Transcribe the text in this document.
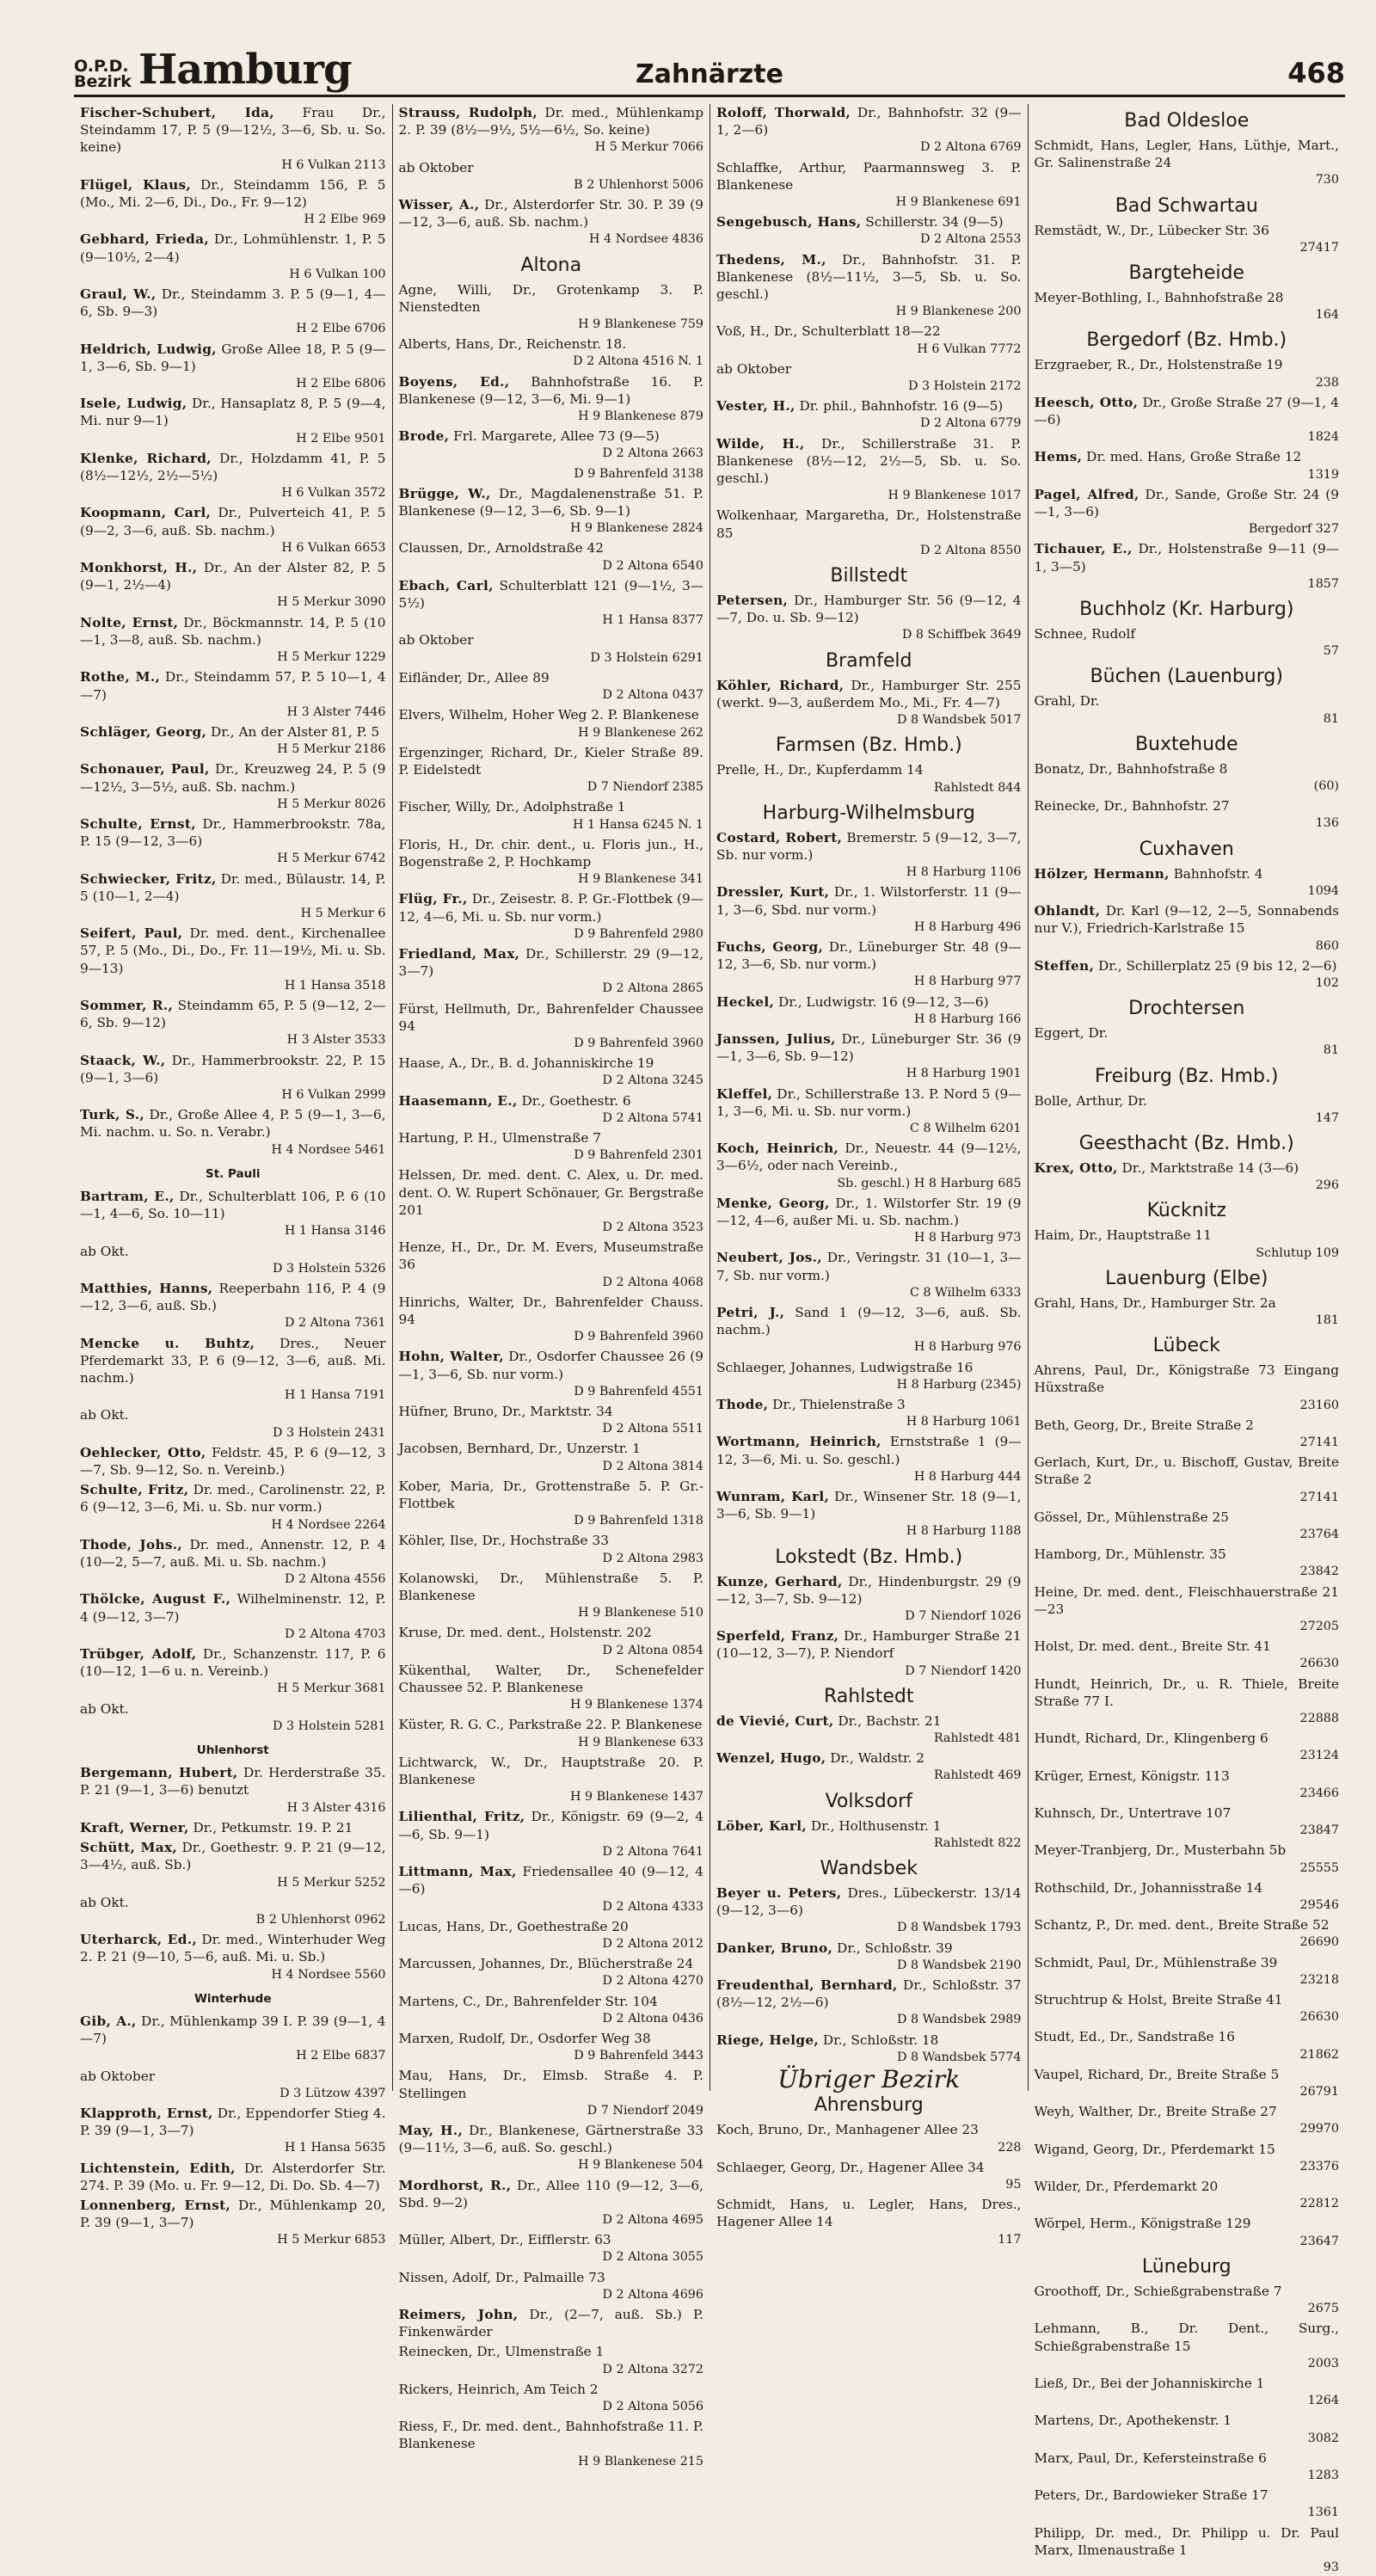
O.P.D.
Bezirk Hamburg	Zahnärzte	468
Fischer-Schubert, Ida, Frau Dr., Steindamm 17, P. 5 (9—12½, 3—6, Sb. u. So. keine)
H 6 Vulkan 2113
Flügel, Klaus, Dr., Steindamm 156, P. 5 (Mo., Mi. 2—6, Di., Do., Fr. 9—12)
H 2 Elbe 969
Gebhard, Frieda, Dr., Lohmühlenstr. 1, P. 5 (9—10½, 2—4)
H 6 Vulkan 100
Graul, W., Dr., Steindamm 3. P. 5 (9—1, 4—6, Sb. 9—3)
H 2 Elbe 6706
Heldrich, Ludwig, Große Allee 18, P. 5 (9—1, 3—6, Sb. 9—1)
H 2 Elbe 6806
Isele, Ludwig, Dr., Hansaplatz 8, P. 5 (9—4, Mi. nur 9—1)
H 2 Elbe 9501
Klenke, Richard, Dr., Holzdamm 41, P. 5 (8½—12½, 2½—5½)
H 6 Vulkan 3572
Koopmann, Carl, Dr., Pulverteich 41, P. 5 (9—2, 3—6, auß. Sb. nachm.)
H 6 Vulkan 6653
Monkhorst, H., Dr., An der Alster 82, P. 5 (9—1, 2½—4)
H 5 Merkur 3090
Nolte, Ernst, Dr., Böckmannstr. 14, P. 5 (10—1, 3—8, auß. Sb. nachm.)
H 5 Merkur 1229
Rothe, M., Dr., Steindamm 57, P. 5 10—1, 4—7)
H 3 Alster 7446
Schläger, Georg, Dr., An der Alster 81, P. 5
H 5 Merkur 2186
Schonauer, Paul, Dr., Kreuzweg 24, P. 5 (9—12½, 3—5½, auß. Sb. nachm.)
H 5 Merkur 8026
Schulte, Ernst, Dr., Hammerbrookstr. 78a, P. 15 (9—12, 3—6)
H 5 Merkur 6742
Schwiecker, Fritz, Dr. med., Bülaustr. 14, P. 5 (10—1, 2—4)
H 5 Merkur 6
Seifert, Paul, Dr. med. dent., Kirchenallee 57, P. 5 (Mo., Di., Do., Fr. 11—19½, Mi. u. Sb. 9—13)
H 1 Hansa 3518
Sommer, R., Steindamm 65, P. 5 (9—12, 2—6, Sb. 9—12)
H 3 Alster 3533
Staack, W., Dr., Hammerbrookstr. 22, P. 15 (9—1, 3—6)
H 6 Vulkan 2999
Turk, S., Dr., Große Allee 4, P. 5 (9—1, 3—6, Mi. nachm. u. So. n. Verabr.)
H 4 Nordsee 5461
St. Pauli
Bartram, E., Dr., Schulterblatt 106, P. 6 (10—1, 4—6, So. 10—11)
H 1 Hansa 3146
ab Okt.
D 3 Holstein 5326
Matthies, Hanns, Reeperbahn 116, P. 4 (9—12, 3—6, auß. Sb.)
D 2 Altona 7361
Mencke u. Buhtz, Dres., Neuer Pferdemarkt 33, P. 6 (9—12, 3—6, auß. Mi. nachm.)
H 1 Hansa 7191
ab Okt.
D 3 Holstein 2431
Oehlecker, Otto, Feldstr. 45, P. 6 (9—12, 3—7, Sb. 9—12, So. n. Vereinb.)
Schulte, Fritz, Dr. med., Carolinenstr. 22, P. 6 (9—12, 3—6, Mi. u. Sb. nur vorm.)
H 4 Nordsee 2264
Thode, Johs., Dr. med., Annenstr. 12, P. 4 (10—2, 5—7, auß. Mi. u. Sb. nachm.)
D 2 Altona 4556
Thölcke, August F., Wilhelminenstr. 12, P. 4 (9—12, 3—7)
D 2 Altona 4703
Trübger, Adolf, Dr., Schanzenstr. 117, P. 6 (10—12, 1—6 u. n. Vereinb.)
H 5 Merkur 3681
ab Okt.
D 3 Holstein 5281
Uhlenhorst
Bergemann, Hubert, Dr. Herderstraße 35. P. 21 (9—1, 3—6) benutzt
H 3 Alster 4316
Kraft, Werner, Dr., Petkumstr. 19. P. 21
Schütt, Max, Dr., Goethestr. 9. P. 21 (9—12, 3—4½, auß. Sb.)
H 5 Merkur 5252
ab Okt.
B 2 Uhlenhorst 0962
Uterharck, Ed., Dr. med., Winterhuder Weg 2. P. 21 (9—10, 5—6, auß. Mi. u. Sb.)
H 4 Nordsee 5560
Winterhude
Gib, A., Dr., Mühlenkamp 39 I. P. 39 (9—1, 4—7)
H 2 Elbe 6837
ab Oktober
D 3 Lützow 4397
Klapproth, Ernst, Dr., Eppendorfer Stieg 4. P. 39 (9—1, 3—7)
H 1 Hansa 5635
Lichtenstein, Edith, Dr. Alsterdorfer Str. 274. P. 39 (Mo. u. Fr. 9—12, Di. Do. Sb. 4—7)
Lonnenberg, Ernst, Dr., Mühlenkamp 20, P. 39 (9—1, 3—7)
H 5 Merkur 6853
Strauss, Rudolph, Dr. med., Mühlenkamp 2. P. 39 (8½—9½, 5½—6½, So. keine)
H 5 Merkur 7066
ab Oktober
B 2 Uhlenhorst 5006
Wisser, A., Dr., Alsterdorfer Str. 30. P. 39 (9—12, 3—6, auß. Sb. nachm.)
H 4 Nordsee 4836
Altona
Agne, Willi, Dr., Grotenkamp 3. P. Nienstedten
H 9 Blankenese 759
Alberts, Hans, Dr., Reichenstr. 18.
D 2 Altona 4516 N. 1
Boyens, Ed., Bahnhofstraße 16. P. Blankenese (9—12, 3—6, Mi. 9—1)
H 9 Blankenese 879
Brode, Frl. Margarete, Allee 73 (9—5)
D 2 Altona 2663
D 9 Bahrenfeld 3138
Brügge, W., Dr., Magdalenenstraße 51. P. Blankenese (9—12, 3—6, Sb. 9—1)
H 9 Blankenese 2824
Claussen, Dr., Arnoldstraße 42
D 2 Altona 6540
Ebach, Carl, Schulterblatt 121 (9—1½, 3—5½)
H 1 Hansa 8377
ab Oktober
D 3 Holstein 6291
Eifländer, Dr., Allee 89
D 2 Altona 0437
Elvers, Wilhelm, Hoher Weg 2. P. Blankenese
H 9 Blankenese 262
Ergenzinger, Richard, Dr., Kieler Straße 89. P. Eidelstedt
D 7 Niendorf 2385
Fischer, Willy, Dr., Adolphstraße 1
H 1 Hansa 6245 N. 1
Floris, H., Dr. chir. dent., u. Floris jun., H., Bogenstraße 2, P. Hochkamp
H 9 Blankenese 341
Flüg, Fr., Dr., Zeisestr. 8. P. Gr.-Flottbek (9—12, 4—6, Mi. u. Sb. nur vorm.)
D 9 Bahrenfeld 2980
Friedland, Max, Dr., Schillerstr. 29 (9—12, 3—7)
D 2 Altona 2865
Fürst, Hellmuth, Dr., Bahrenfelder Chaussee 94
D 9 Bahrenfeld 3960
Haase, A., Dr., B. d. Johanniskirche 19
D 2 Altona 3245
Haasemann, E., Dr., Goethestr. 6
D 2 Altona 5741
Hartung, P. H., Ulmenstraße 7
D 9 Bahrenfeld 2301
Helssen, Dr. med. dent. C. Alex, u. Dr. med. dent. O. W. Rupert Schönauer, Gr. Bergstraße 201
D 2 Altona 3523
Henze, H., Dr., Dr. M. Evers, Museumstraße 36
D 2 Altona 4068
Hinrichs, Walter, Dr., Bahrenfelder Chauss. 94
D 9 Bahrenfeld 3960
Hohn, Walter, Dr., Osdorfer Chaussee 26 (9—1, 3—6, Sb. nur vorm.)
D 9 Bahrenfeld 4551
Hüfner, Bruno, Dr., Marktstr. 34
D 2 Altona 5511
Jacobsen, Bernhard, Dr., Unzerstr. 1
D 2 Altona 3814
Kober, Maria, Dr., Grottenstraße 5. P. Gr.-Flottbek
D 9 Bahrenfeld 1318
Köhler, Ilse, Dr., Hochstraße 33
D 2 Altona 2983
Kolanowski, Dr., Mühlenstraße 5. P. Blankenese
H 9 Blankenese 510
Kruse, Dr. med. dent., Holstenstr. 202
D 2 Altona 0854
Kükenthal, Walter, Dr., Schenefelder Chaussee 52. P. Blankenese
H 9 Blankenese 1374
Küster, R. G. C., Parkstraße 22. P. Blankenese
H 9 Blankenese 633
Lichtwarck, W., Dr., Hauptstraße 20. P. Blankenese
H 9 Blankenese 1437
Lilienthal, Fritz, Dr., Königstr. 69 (9—2, 4—6, Sb. 9—1)
D 2 Altona 7641
Littmann, Max, Friedensallee 40 (9—12, 4—6)
D 2 Altona 4333
Lucas, Hans, Dr., Goethestraße 20
D 2 Altona 2012
Marcussen, Johannes, Dr., Blücherstraße 24
D 2 Altona 4270
Martens, C., Dr., Bahrenfelder Str. 104
D 2 Altona 0436
Marxen, Rudolf, Dr., Osdorfer Weg 38
D 9 Bahrenfeld 3443
Mau, Hans, Dr., Elmsb. Straße 4. P. Stellingen
D 7 Niendorf 2049
May, H., Dr., Blankenese, Gärtnerstraße 33 (9—11½, 3—6, auß. So. geschl.)
H 9 Blankenese 504
Mordhorst, R., Dr., Allee 110 (9—12, 3—6, Sbd. 9—2)
D 2 Altona 4695
Müller, Albert, Dr., Eifflerstr. 63
D 2 Altona 3055
Nissen, Adolf, Dr., Palmaille 73
D 2 Altona 4696
Reimers, John, Dr., (2—7, auß. Sb.) P. Finkenwärder
Reinecken, Dr., Ulmenstraße 1
D 2 Altona 3272
Rickers, Heinrich, Am Teich 2
D 2 Altona 5056
Riess, F., Dr. med. dent., Bahnhofstraße 11. P. Blankenese
H 9 Blankenese 215
Roloff, Thorwald, Dr., Bahnhofstr. 32 (9—1, 2—6)
D 2 Altona 6769
Schlaffke, Arthur, Paarmannsweg 3. P. Blankenese
H 9 Blankenese 691
Sengebusch, Hans, Schillerstr. 34 (9—5)
D 2 Altona 2553
Thedens, M., Dr., Bahnhofstr. 31. P. Blankenese (8½—11½, 3—5, Sb. u. So. geschl.)
H 9 Blankenese 200
Voß, H., Dr., Schulterblatt 18—22
H 6 Vulkan 7772
ab Oktober
D 3 Holstein 2172
Vester, H., Dr. phil., Bahnhofstr. 16 (9—5)
D 2 Altona 6779
Wilde, H., Dr., Schillerstraße 31. P. Blankenese (8½—12, 2½—5, Sb. u. So. geschl.)
H 9 Blankenese 1017
Wolkenhaar, Margaretha, Dr., Holstenstraße 85
D 2 Altona 8550
Billstedt
Petersen, Dr., Hamburger Str. 56 (9—12, 4—7, Do. u. Sb. 9—12)
D 8 Schiffbek 3649
Bramfeld
Köhler, Richard, Dr., Hamburger Str. 255 (werkt. 9—3, außerdem Mo., Mi., Fr. 4—7)
D 8 Wandsbek 5017
Farmsen (Bz. Hmb.)
Prelle, H., Dr., Kupferdamm 14
Rahlstedt 844
Harburg-Wilhelmsburg
Costard, Robert, Bremerstr. 5 (9—12, 3—7, Sb. nur vorm.)
H 8 Harburg 1106
Dressler, Kurt, Dr., 1. Wilstorferstr. 11 (9—1, 3—6, Sbd. nur vorm.)
H 8 Harburg 496
Fuchs, Georg, Dr., Lüneburger Str. 48 (9—12, 3—6, Sb. nur vorm.)
H 8 Harburg 977
Heckel, Dr., Ludwigstr. 16 (9—12, 3—6)
H 8 Harburg 166
Janssen, Julius, Dr., Lüneburger Str. 36 (9—1, 3—6, Sb. 9—12)
H 8 Harburg 1901
Kleffel, Dr., Schillerstraße 13. P. Nord 5 (9—1, 3—6, Mi. u. Sb. nur vorm.)
C 8 Wilhelm 6201
Koch, Heinrich, Dr., Neuestr. 44 (9—12½, 3—6½, oder nach Vereinb.,
Sb. geschl.) H 8 Harburg 685
Menke, Georg, Dr., 1. Wilstorfer Str. 19 (9—12, 4—6, außer Mi. u. Sb. nachm.)
H 8 Harburg 973
Neubert, Jos., Dr., Veringstr. 31 (10—1, 3—7, Sb. nur vorm.)
C 8 Wilhelm 6333
Petri, J., Sand 1 (9—12, 3—6, auß. Sb. nachm.)
H 8 Harburg 976
Schlaeger, Johannes, Ludwigstraße 16
H 8 Harburg (2345)
Thode, Dr., Thielenstraße 3
H 8 Harburg 1061
Wortmann, Heinrich, Ernststraße 1 (9—12, 3—6, Mi. u. So. geschl.)
H 8 Harburg 444
Wunram, Karl, Dr., Winsener Str. 18 (9—1, 3—6, Sb. 9—1)
H 8 Harburg 1188
Lokstedt (Bz. Hmb.)
Kunze, Gerhard, Dr., Hindenburgstr. 29 (9—12, 3—7, Sb. 9—12)
D 7 Niendorf 1026
Sperfeld, Franz, Dr., Hamburger Straße 21 (10—12, 3—7), P. Niendorf
D 7 Niendorf 1420
Rahlstedt
de Vievié, Curt, Dr., Bachstr. 21
Rahlstedt 481
Wenzel, Hugo, Dr., Waldstr. 2
Rahlstedt 469
Volksdorf
Löber, Karl, Dr., Holthusenstr. 1
Rahlstedt 822
Wandsbek
Beyer u. Peters, Dres., Lübeckerstr. 13/14 (9—12, 3—6)
D 8 Wandsbek 1793
Danker, Bruno, Dr., Schloßstr. 39
D 8 Wandsbek 2190
Freudenthal, Bernhard, Dr., Schloßstr. 37 (8½—12, 2½—6)
D 8 Wandsbek 2989
Riege, Helge, Dr., Schloßstr. 18
D 8 Wandsbek 5774
Übriger Bezirk
Ahrensburg
Koch, Bruno, Dr., Manhagener Allee 23
228
Schlaeger, Georg, Dr., Hagener Allee 34
95
Schmidt, Hans, u. Legler, Hans, Dres., Hagener Allee 14
117
Bad Oldesloe
Schmidt, Hans, Legler, Hans, Lüthje, Mart., Gr. Salinenstraße 24
730
Bad Schwartau
Remstädt, W., Dr., Lübecker Str. 36
27417
Bargteheide
Meyer-Bothling, I., Bahnhofstraße 28
164
Bergedorf (Bz. Hmb.)
Erzgraeber, R., Dr., Holstenstraße 19
238
Heesch, Otto, Dr., Große Straße 27 (9—1, 4—6)
1824
Hems, Dr. med. Hans, Große Straße 12
1319
Pagel, Alfred, Dr., Sande, Große Str. 24 (9—1, 3—6)
Bergedorf 327
Tichauer, E., Dr., Holstenstraße 9—11 (9—1, 3—5)
1857
Buchholz (Kr. Harburg)
Schnee, Rudolf
57
Büchen (Lauenburg)
Grahl, Dr.
81
Buxtehude
Bonatz, Dr., Bahnhofstraße 8
(60)
Reinecke, Dr., Bahnhofstr. 27
136
Cuxhaven
Hölzer, Hermann, Bahnhofstr. 4
1094
Ohlandt, Dr. Karl (9—12, 2—5, Sonnabends nur V.), Friedrich-Karlstraße 15
860
Steffen, Dr., Schillerplatz 25 (9 bis 12, 2—6)
102
Drochtersen
Eggert, Dr.
81
Freiburg (Bz. Hmb.)
Bolle, Arthur, Dr.
147
Geesthacht (Bz. Hmb.)
Krex, Otto, Dr., Marktstraße 14 (3—6)
296
Kücknitz
Haim, Dr., Hauptstraße 11
Schlutup 109
Lauenburg (Elbe)
Grahl, Hans, Dr., Hamburger Str. 2a
181
Lübeck
Ahrens, Paul, Dr., Königstraße 73 Eingang Hüxstraße
23160
Beth, Georg, Dr., Breite Straße 2
27141
Gerlach, Kurt, Dr., u. Bischoff, Gustav, Breite Straße 2
27141
Gössel, Dr., Mühlenstraße 25
23764
Hamborg, Dr., Mühlenstr. 35
23842
Heine, Dr. med. dent., Fleischhauerstraße 21—23
27205
Holst, Dr. med. dent., Breite Str. 41
26630
Hundt, Heinrich, Dr., u. R. Thiele, Breite Straße 77 I.
22888
Hundt, Richard, Dr., Klingenberg 6
23124
Krüger, Ernest, Königstr. 113
23466
Kuhnsch, Dr., Untertrave 107
23847
Meyer-Tranbjerg, Dr., Musterbahn 5b
25555
Rothschild, Dr., Johannisstraße 14
29546
Schantz, P., Dr. med. dent., Breite Straße 52
26690
Schmidt, Paul, Dr., Mühlenstraße 39
23218
Struchtrup & Holst, Breite Straße 41
26630
Studt, Ed., Dr., Sandstraße 16
21862
Vaupel, Richard, Dr., Breite Straße 5
26791
Weyh, Walther, Dr., Breite Straße 27
29970
Wigand, Georg, Dr., Pferdemarkt 15
23376
Wilder, Dr., Pferdemarkt 20
22812
Wörpel, Herm., Königstraße 129
23647
Lüneburg
Groothoff, Dr., Schießgrabenstraße 7
2675
Lehmann, B., Dr. Dent., Surg., Schießgrabenstraße 15
2003
Ließ, Dr., Bei der Johanniskirche 1
1264
Martens, Dr., Apothekenstr. 1
3082
Marx, Paul, Dr., Kefersteinstraße 6
1283
Peters, Dr., Bardowieker Straße 17
1361
Philipp, Dr. med., Dr. Philipp u. Dr. Paul Marx, Ilmenaustraße 1
93
